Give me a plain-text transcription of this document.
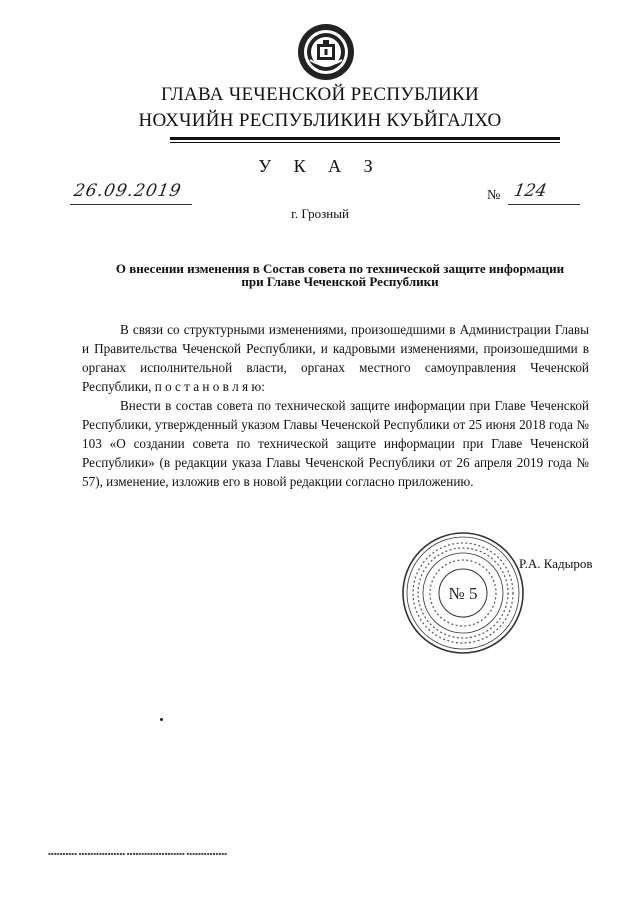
ГЛАВА ЧЕЧЕНСКОЙ РЕСПУБЛИКИ
НОХЧИЙН РЕСПУБЛИКИН КУЬЙГАЛХО
У К А З
26.09.2019	№ 124
г. Грозный
О внесении изменения в Состав совета по технической защите информации при Главе Чеченской Республики
В связи со структурными изменениями, произошедшими в Администрации Главы и Правительства Чеченской Республики, и кадровыми изменениями, произошедшими в органах исполнительной власти, органах местного самоуправления Чеченской Республики, п о с т а н о в л я ю:
Внести в состав совета по технической защите информации при Главе Чеченской Республики, утвержденный указом Главы Чеченской Республики от 25 июня 2018 года № 103 «О создании совета по технической защите информации при Главе Чеченской Республики» (в редакции указа Главы Чеченской Республики от 26 апреля 2019 года № 57), изменение, изложив его в новой редакции согласно приложению.
№ 5
Р.А. Кадыров
▪▪▪▪▪▪▪▪▪▪ ▪▪▪▪▪▪▪▪▪▪▪▪▪▪▪▪ ▪▪▪▪▪▪▪▪▪▪▪▪▪▪▪▪▪▪▪▪ ▪▪▪▪▪▪▪▪▪▪▪▪▪▪
